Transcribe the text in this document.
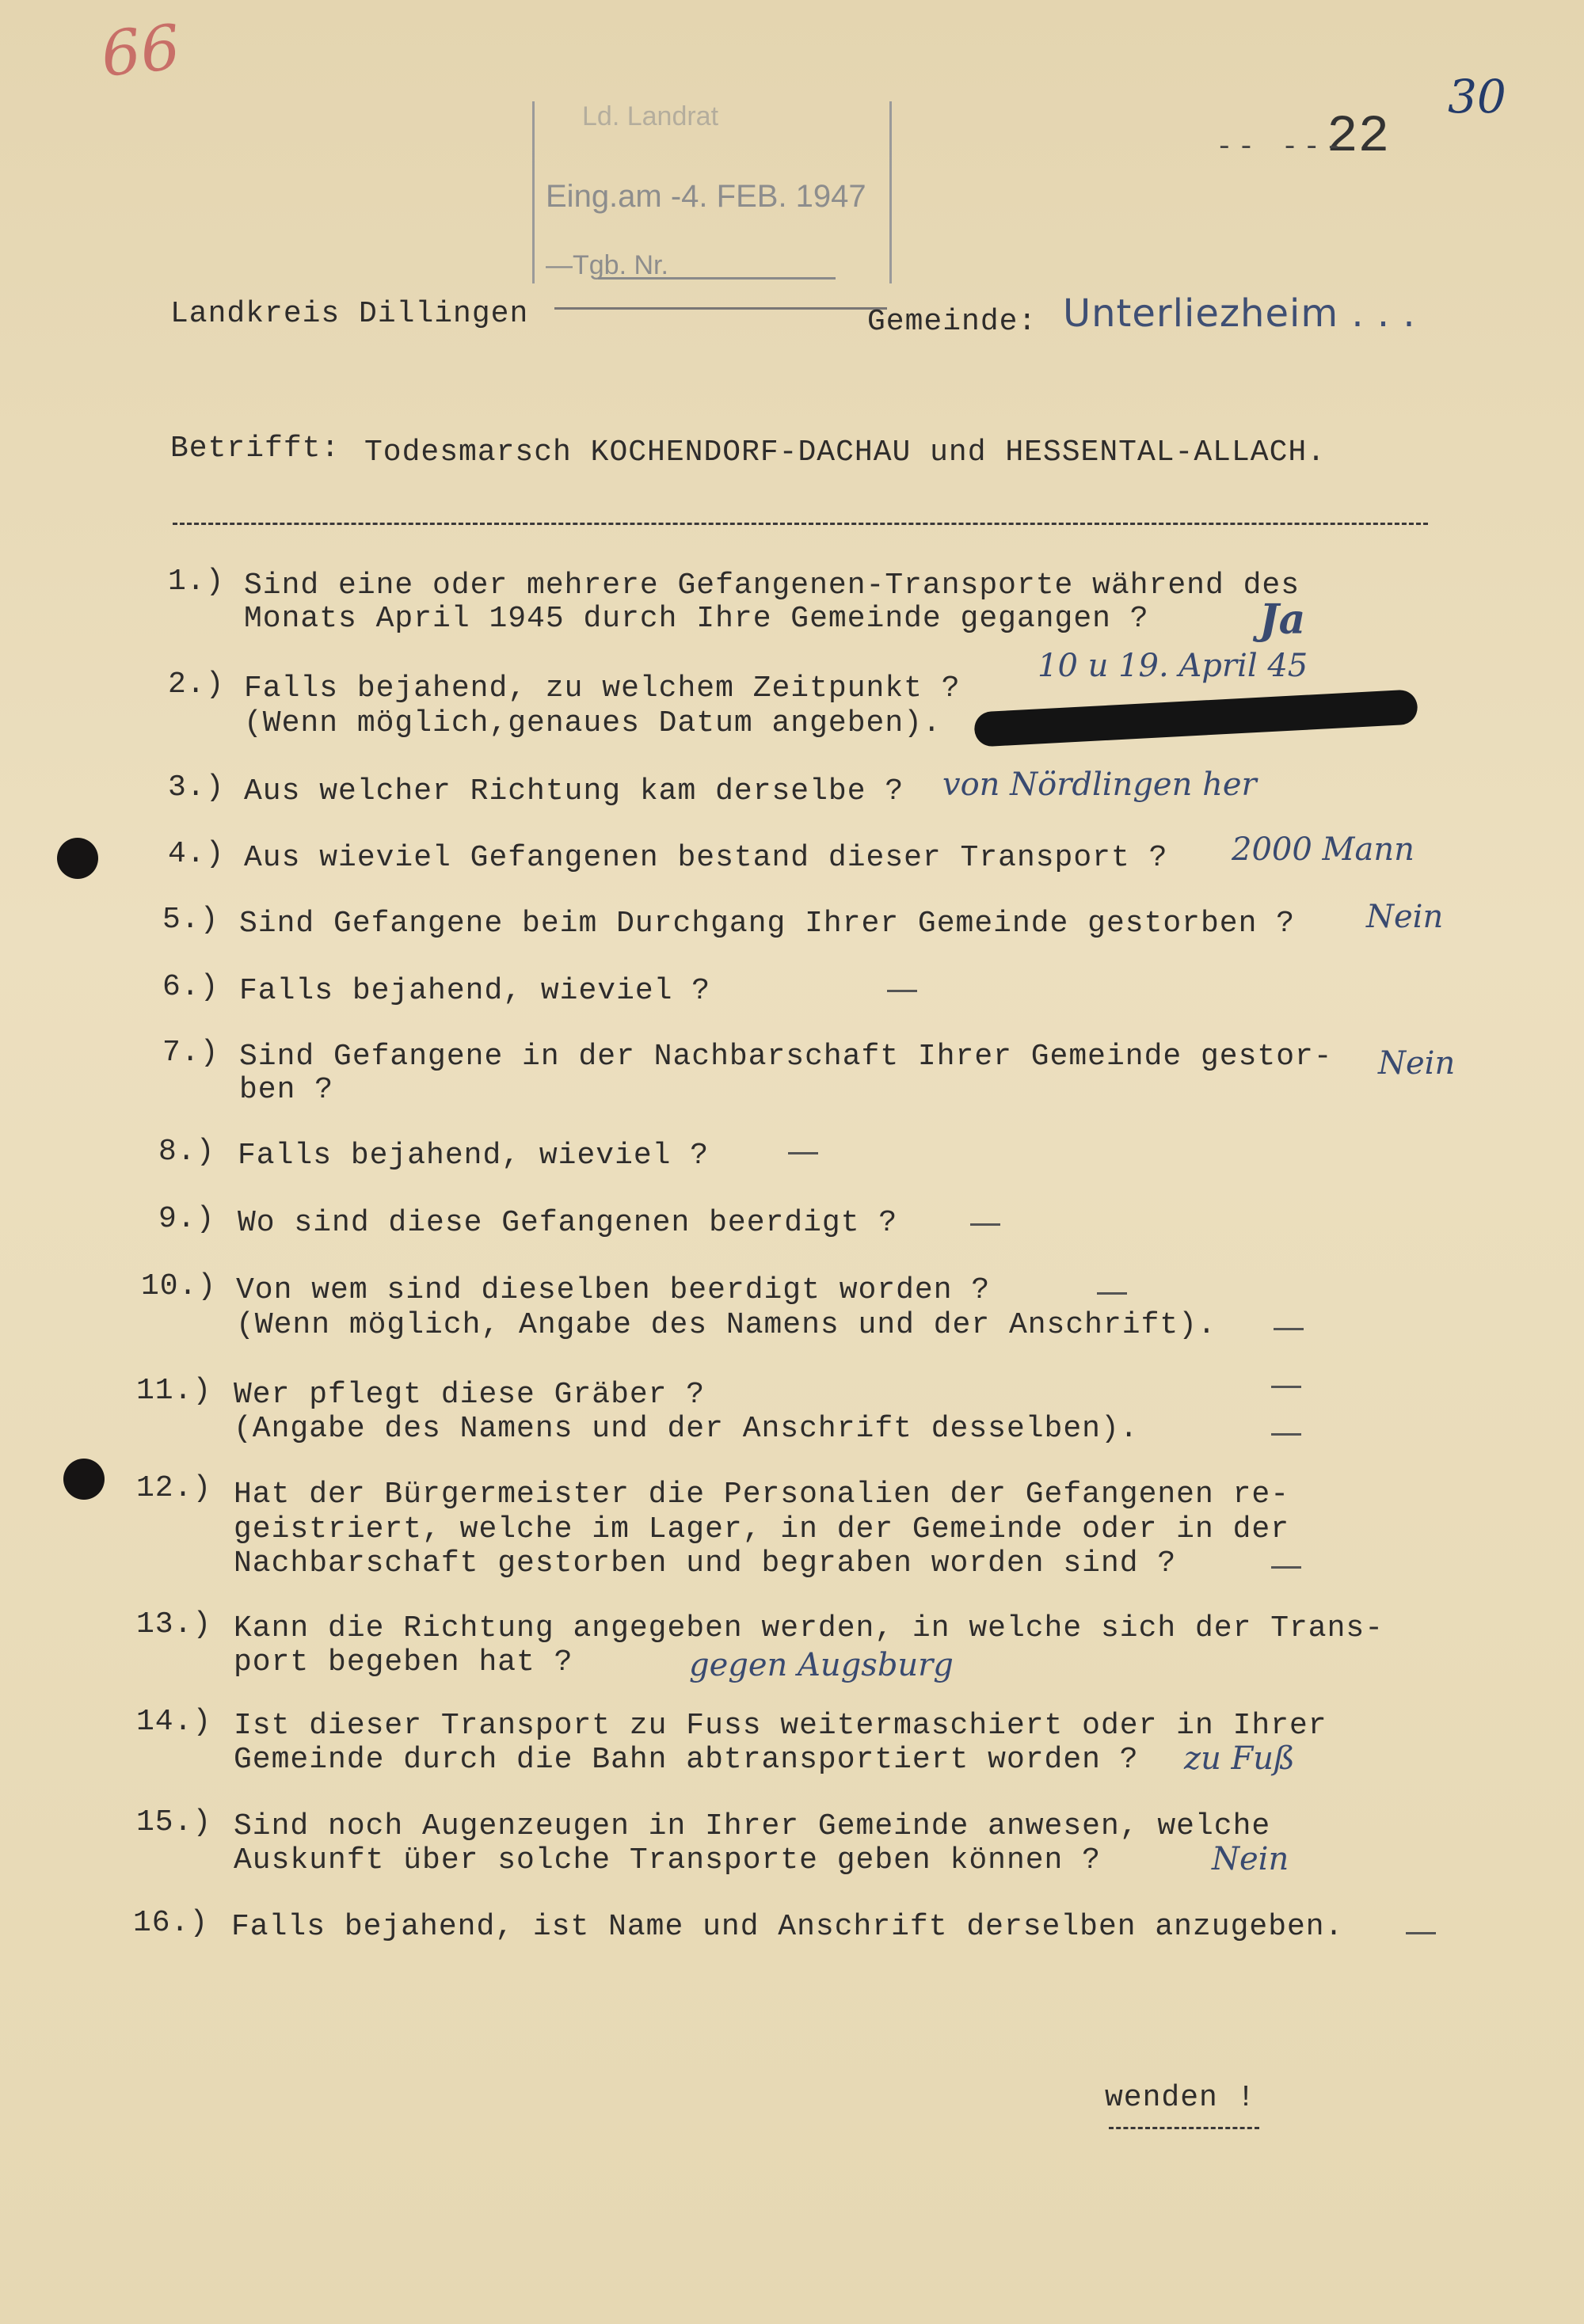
66
22
-- ---
30
Ld. Landrat
Eing.am -4. FEB. 1947
—Tgb. Nr.
Landkreis Dillingen	Gemeinde: Unterliezheim . . .
Betrifft: Todesmarsch KOCHENDORF-DACHAU und HESSENTAL-ALLACH.
1.) Sind eine oder mehrere Gefangenen-Transporte während des
Monats April 1945 durch Ihre Gemeinde gegangen ?	Ja
2.) Falls bejahend, zu welchem Zeitpunkt ?
(Wenn möglich,genaues Datum angeben).
10 u 19. April 45
3.) Aus welcher Richtung kam derselbe ? von Nördlingen her
4.) Aus wieviel Gefangenen bestand dieser Transport ? 2000 Mann
5.) Sind Gefangene beim Durchgang Ihrer Gemeinde gestorben ? Nein
6.) Falls bejahend, wieviel ?
7.) Sind Gefangene in der Nachbarschaft Ihrer Gemeinde gestor-
ben ?
Nein
8.) Falls bejahend, wieviel ?
9.) Wo sind diese Gefangenen beerdigt ?
10.) Von wem sind dieselben beerdigt worden ?
(Wenn möglich, Angabe des Namens und der Anschrift).
11.) Wer pflegt diese Gräber ?
(Angabe des Namens und der Anschrift desselben).
12.) Hat der Bürgermeister die Personalien der Gefangenen re-
geistriert, welche im Lager, in der Gemeinde oder in der
Nachbarschaft gestorben und begraben worden sind ?
13.) Kann die Richtung angegeben werden, in welche sich der Trans-
port begeben hat ?	gegen Augsburg
14.) Ist dieser Transport zu Fuss weitermaschiert oder in Ihrer
Gemeinde durch die Bahn abtransportiert worden ? zu Fuß
15.) Sind noch Augenzeugen in Ihrer Gemeinde anwesen, welche
Auskunft über solche Transporte geben können ?	Nein
16.) Falls bejahend, ist Name und Anschrift derselben anzugeben.
wenden !
